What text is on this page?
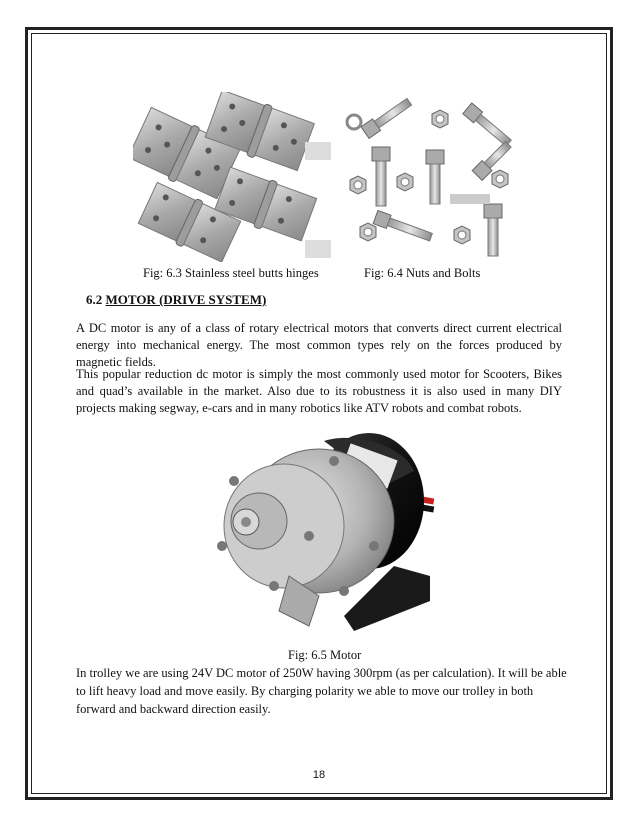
Fig: 6.3 Stainless steel butts hinges	Fig: 6.4 Nuts and Bolts
6.2 MOTOR (DRIVE SYSTEM)
A DC motor is any of a class of rotary electrical motors that converts direct current electrical energy into mechanical energy. The most common types rely on the forces produced by magnetic fields.
This popular reduction dc motor is simply the most commonly used motor for Scooters, Bikes and quad’s available in the market. Also due to its robustness it is also used in many DIY projects making segway, e-cars and in many robotics like ATV robots and combat robots.
Fig: 6.5 Motor
In trolley we are using 24V DC motor of 250W having 300rpm (as per calculation). It will be able to lift heavy load and move easily. By charging polarity we able to move our trolley in both forward and backward direction easily.
18
